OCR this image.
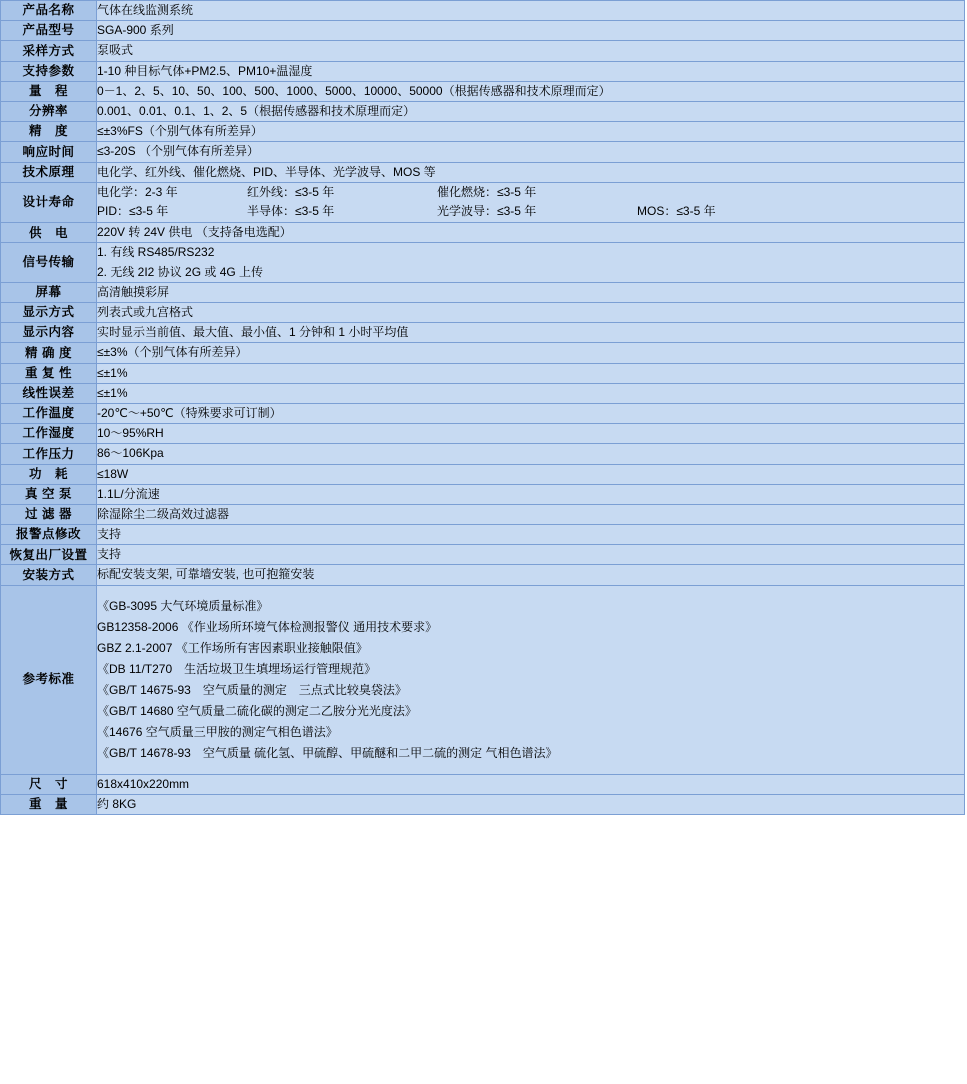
产品名称	气体在线监测系统

产品型号	SGA-900 系列

采样方式	泵吸式

支持参数	1-10 种目标气体+PM2.5、PM10+温湿度

量　程	0－1、2、5、10、50、100、500、1000、5000、10000、50000（根据传感器和技术原理而定）

分辨率	0.001、0.01、0.1、1、2、5（根据传感器和技术原理而定）

精　度	≤±3%FS（个别气体有所差异）

响应时间	≤3-20S （个别气体有所差异）

技术原理	电化学、红外线、催化燃烧、PID、半导体、光学波导、MOS 等

设计寿命	电化学：2-3 年 红外线：≤3-5 年 催化燃烧：≤3-5 年
PID：≤3-5 年 半导体：≤3-5 年 光学波导：≤3-5 年 MOS：≤3-5 年

供　电	220V 转 24V 供电 （支持备电选配）

信号传输	1. 有线 RS485/RS232
2. 无线 2I2 协议 2G 或 4G 上传

屏幕	高清触摸彩屏

显示方式	列表式或九宫格式

显示内容	实时显示当前值、最大值、最小值、1 分钟和 1 小时平均值

精 确 度	≤±3%（个别气体有所差异）

重 复 性	≤±1%

线性误差	≤±1%

工作温度	-20℃～+50℃（特殊要求可订制）

工作湿度	10～95%RH

工作压力	86～106Kpa

功　耗	≤18W

真 空 泵	1.1L/分流速

过 滤 器	除湿除尘二级高效过滤器

报警点修改	支持

恢复出厂设置	支持

安装方式	标配安装支架, 可靠墙安装, 也可抱箍安装

参考标准	
《GB-3095 大气环境质量标准》
GB12358-2006 《作业场所环境气体检测报警仪 通用技术要求》
GBZ 2.1-2007 《工作场所有害因素职业接触限值》
《DB 11/T270　生活垃圾卫生填埋场运行管理规范》
《GB/T 14675-93　空气质量的测定　三点式比较臭袋法》
《GB/T 14680 空气质量二硫化碳的测定二乙胺分光光度法》
《14676 空气质量三甲胺的测定气相色谱法》
《GB/T 14678-93　空气质量 硫化氢、甲硫醇、甲硫醚和二甲二硫的测定 气相色谱法》

尺　寸	618x410x220mm

重　量	约 8KG
